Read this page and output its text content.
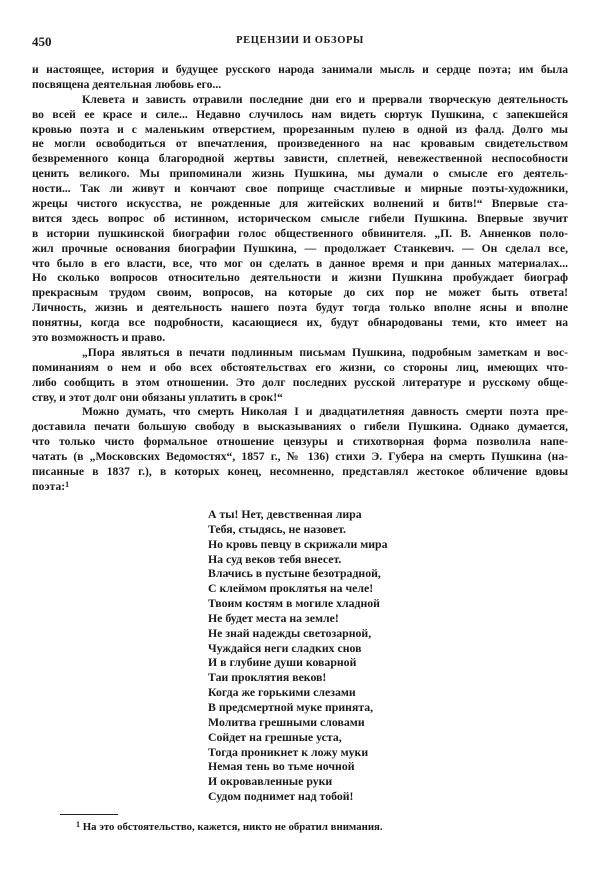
450	РЕЦЕНЗИИ И ОБЗОРЫ
и настоящее, история и будущее русского народа занимали мысль и сердце поэта; им была
посвящена деятельная любовь его...
Клевета и зависть отравили последние дни его и прервали творческую деятельность
во всей ее красе и силе... Недавно случилось нам видеть сюртук Пушкина, с запекшейся
кровью поэта и с маленьким отверстием, прорезанным пулею в одной из фалд. Долго мы
не могли освободиться от впечатления, произведенного на нас кровавым свидетельством
безвременного конца благородной жертвы зависти, сплетней, невежественной неспособности
ценить великого. Мы припоминали жизнь Пушкина, мы думали о смысле его деятель-
ности... Так ли живут и кончают свое поприще счастливые и мирные поэты-художники,
жрецы чистого искусства, не рожденные для житейских волнений и битв!“ Впервые ста-
вится здесь вопрос об истинном, историческом смысле гибели Пушкина. Впервые звучит
в истории пушкинской биографии голос общественного обвинителя. „П. В. Анненков поло-
жил прочные основания биографии Пушкина, — продолжает Станкевич. — Он сделал все,
что было в его власти, все, что мог он сделать в данное время и при данных материалах...
Но сколько вопросов относительно деятельности и жизни Пушкина пробуждает биограф
прекрасным трудом своим, вопросов, на которые до сих пор не может быть ответа!
Личность, жизнь и деятельность нашего поэта будут тогда только вполне ясны и вполне
понятны, когда все подробности, касающиеся их, будут обнародованы теми, кто имеет на
это возможность и право.
„Пора являться в печати подлинным письмам Пушкина, подробным заметкам и вос-
поминаниям о нем и обо всех обстоятельствах его жизни, со стороны лиц, имеющих что-
либо сообщить в этом отношении. Это долг последних русской литературе и русскому обще-
ству, и этот долг они обязаны уплатить в срок!“
Можно думать, что смерть Николая I и двадцатилетняя давность смерти поэта пре-
доставила печати большую свободу в высказываниях о гибели Пушкина. Однако думается,
что только чисто формальное отношение цензуры и стихотворная форма позволила напе-
чатать (в „Московских Ведомостях“, 1857 г., № 136) стихи Э. Губера на смерть Пушкина (на-
писанные в 1837 г.), в которых конец, несомненно, представлял жестокое обличение вдовы
поэта:$^1$
А ты! Нет, девственная лира
Тебя, стыдясь, не назовет.
Но кровь певцу в скрижали мира
На суд веков тебя внесет.
Влачись в пустыне безотрадной,
С клеймом проклятья на челе!
Твоим костям в могиле хладной
Не будет места на земле!
Не знай надежды светозарной,
Чуждайся неги сладких снов
И в глубине души коварной
Таи проклятия веков!
Когда же горькими слезами
В предсмертной муке принята,
Молитва грешными словами
Сойдет на грешные уста,
Тогда проникнет к ложу муки
Немая тень во тьме ночной
И окровавленные руки
Судом поднимет над тобой!
$^1$ На это обстоятельство, кажется, никто не обратил внимания.
